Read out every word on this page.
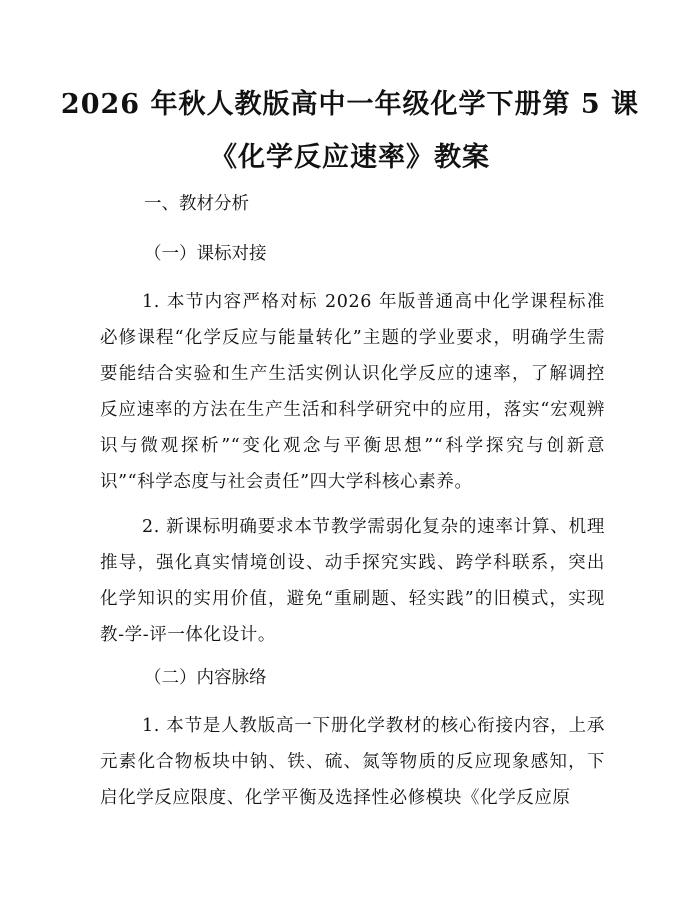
2026 年秋人教版高中一年级化学下册第 5 课
《化学反应速率》教案
一、教材分析
（一）课标对接

1. 本节内容严格对标 2026 年版普通高中化学课程标准必修课程“化学反应与能量转化”主题的学业要求，明确学生需要能结合实验和生产生活实例认识化学反应的速率，了解调控反应速率的方法在生产生活和科学研究中的应用，落实“宏观辨识与微观探析”“变化观念与平衡思想”“科学探究与创新意识”“科学态度与社会责任”四大学科核心素养。

2. 新课标明确要求本节教学需弱化复杂的速率计算、机理推导，强化真实情境创设、动手探究实践、跨学科联系，突出化学知识的实用价值，避免“重刷题、轻实践”的旧模式，实现教-学-评一体化设计。

（二）内容脉络

1. 本节是人教版高一下册化学教材的核心衔接内容，上承元素化合物板块中钠、铁、硫、氮等物质的反应现象感知，下启化学反应限度、化学平衡及选择性必修模块《化学反应原
